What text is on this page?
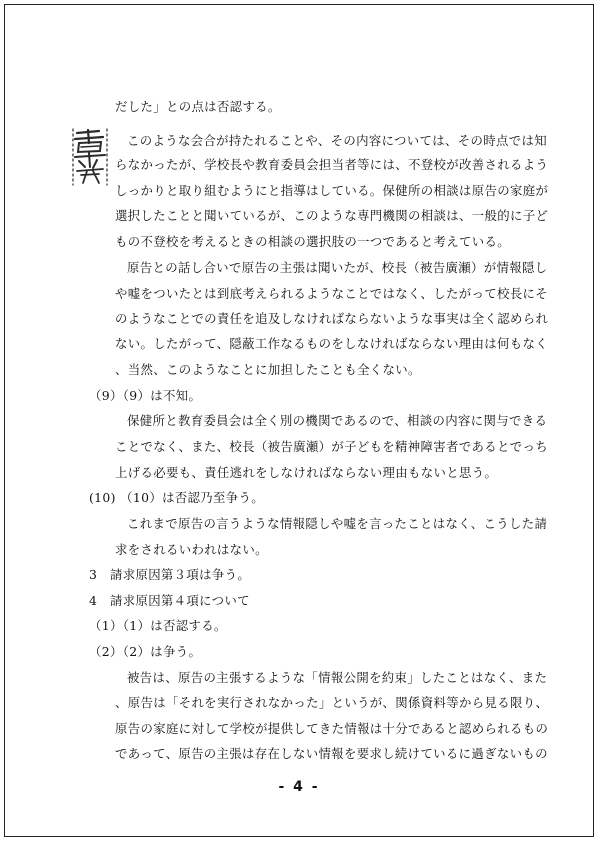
だした」との点は否認する。
このような会合が持たれることや、その内容については、その時点では知
らなかったが、学校長や教育委員会担当者等には、不登校が改善されるよう
しっかりと取り組むようにと指導はしている。保健所の相談は原告の家庭が
選択したことと聞いているが、このような専門機関の相談は、一般的に子ど
もの不登校を考えるときの相談の選択肢の一つであると考えている。
原告との話し合いで原告の主張は聞いたが、校長（被告廣瀬）が情報隠し
や嘘をついたとは到底考えられるようなことではなく、したがって校長にそ
のようなことでの責任を追及しなければならないような事実は全く認められ
ない。したがって、隠蔽工作なるものをしなければならない理由は何もなく
、当然、このようなことに加担したことも全くない。
（9）（9）は不知。
保健所と教育委員会は全く別の機関であるので、相談の内容に関与できる
ことでなく、また、校長（被告廣瀬）が子どもを精神障害者であるとでっち
上げる必要も、責任逃れをしなければならない理由もないと思う。
(10) （10）は否認乃至争う。
これまで原告の言うような情報隠しや嘘を言ったことはなく、こうした請
求をされるいわれはない。
3　請求原因第３項は争う。
4　請求原因第４項について
（1）（1）は否認する。
（2）（2）は争う。
被告は、原告の主張するような「情報公開を約束」したことはなく、また
、原告は「それを実行されなかった」というが、関係資料等から見る限り、
原告の家庭に対して学校が提供してきた情報は十分であると認められるもの
であって、原告の主張は存在しない情報を要求し続けているに過ぎないもの
- 4 -
